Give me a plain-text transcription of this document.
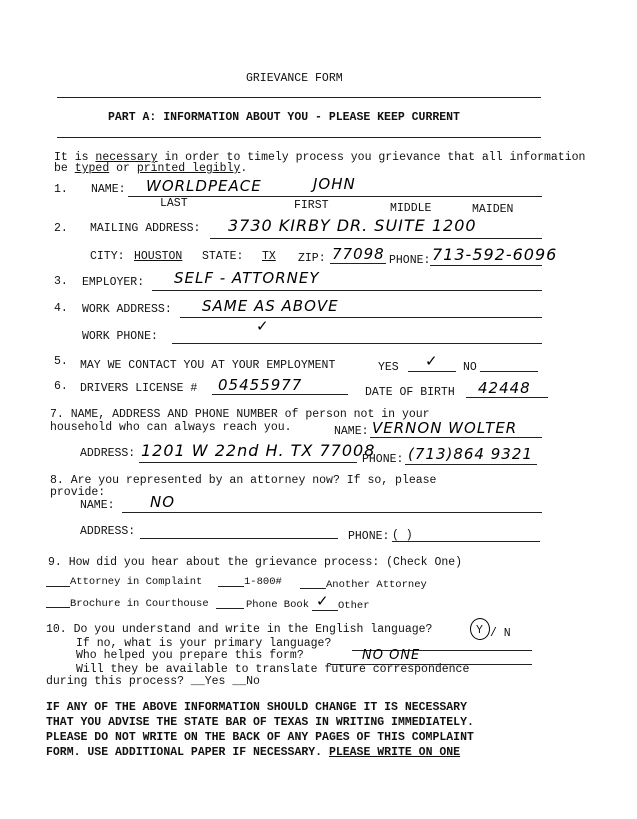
GRIEVANCE FORM
PART A: INFORMATION ABOUT YOU - PLEASE KEEP CURRENT
It is necessary in order to timely process you grievance that all information
be typed or printed legibly.
1. NAME: WORLDPEACE	JOHN
LAST	FIRST	MIDDLE	MAIDEN
2. MAILING ADDRESS: 3730 KIRBY DR. SUITE 1200
CITY: HOUSTON STATE: TX ZIP: 77098 PHONE: 713-592-6096
3. EMPLOYER: SELF - ATTORNEY
4. WORK ADDRESS: SAME AS ABOVE
WORK PHONE:
✓
5. MAY WE CONTACT YOU AT YOUR EMPLOYMENT	YES ✓ NO
6. DRIVERS LICENSE # 05455977	DATE OF BIRTH 42448
7. NAME, ADDRESS AND PHONE NUMBER of person not in your
household who can always reach you.	NAME: VERNON WOLTER
ADDRESS: 1201 W 22nd H. TX 77008
PHONE: (713)864 9321
8. Are you represented by an attorney now? If so, please
provide:
NAME: NO
ADDRESS:	PHONE: ( )
9. How did you hear about the grievance process: (Check One)
Attorney in Complaint	1-800#	Another Attorney
Brochure in Courthouse	Phone Book ✓ Other
10. Do you understand and write in the English language?	Y / N
If no, what is your primary language?
Who helped you prepare this form?	NO ONE
Will they be available to translate future correspondence
during this process? __Yes __No
IF ANY OF THE ABOVE INFORMATION SHOULD CHANGE IT IS NECESSARY
THAT YOU ADVISE THE STATE BAR OF TEXAS IN WRITING IMMEDIATELY.
PLEASE DO NOT WRITE ON THE BACK OF ANY PAGES OF THIS COMPLAINT
FORM. USE ADDITIONAL PAPER IF NECESSARY. PLEASE WRITE ON ONE
